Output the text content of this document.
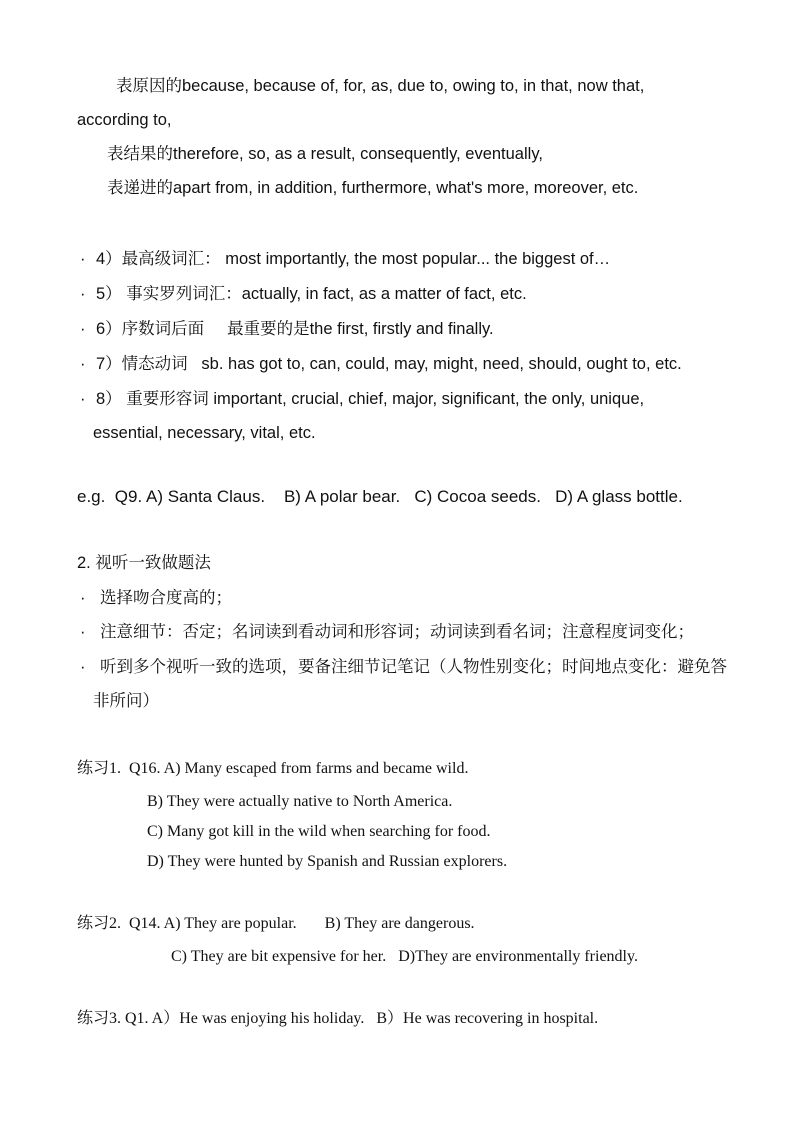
表原因的because, because of, for, as, due to, owing to, in that, now that,
according to,
表结果的therefore, so, as a result, consequently, eventually,
表递进的apart from, in addition, furthermore, what's more, moreover, etc.
· 4）最高级词汇： most importantly, the most popular... the biggest of…
· 5） 事实罗列词汇：actually, in fact, as a matter of fact, etc.
· 6）序数词后面     最重要的是the first, firstly and finally.
· 7）情态动词   sb. has got to, can, could, may, might, need, should, ought to, etc.
· 8） 重要形容词 important, crucial, chief, major, significant, the only, unique,
essential, necessary, vital, etc.
e.g.  Q9. A) Santa Claus.    B) A polar bear.   C) Cocoa seeds.   D) A glass bottle.
2. 视听一致做题法
· 选择吻合度高的；
· 注意细节：否定；名词读到看动词和形容词；动词读到看名词；注意程度词变化；
· 听到多个视听一致的选项，要备注细节记笔记（人物性别变化；时间地点变化：避免答
非所问）
练习1.  Q16. A) Many escaped from farms and became wild.
B) They were actually native to North America.
C) Many got kill in the wild when searching for food.
D) They were hunted by Spanish and Russian explorers.
练习2.  Q14. A) They are popular.       B) They are dangerous.
C) They are bit expensive for her.   D)They are environmentally friendly.
练习3. Q1. A）He was enjoying his holiday.   B）He was recovering in hospital.
